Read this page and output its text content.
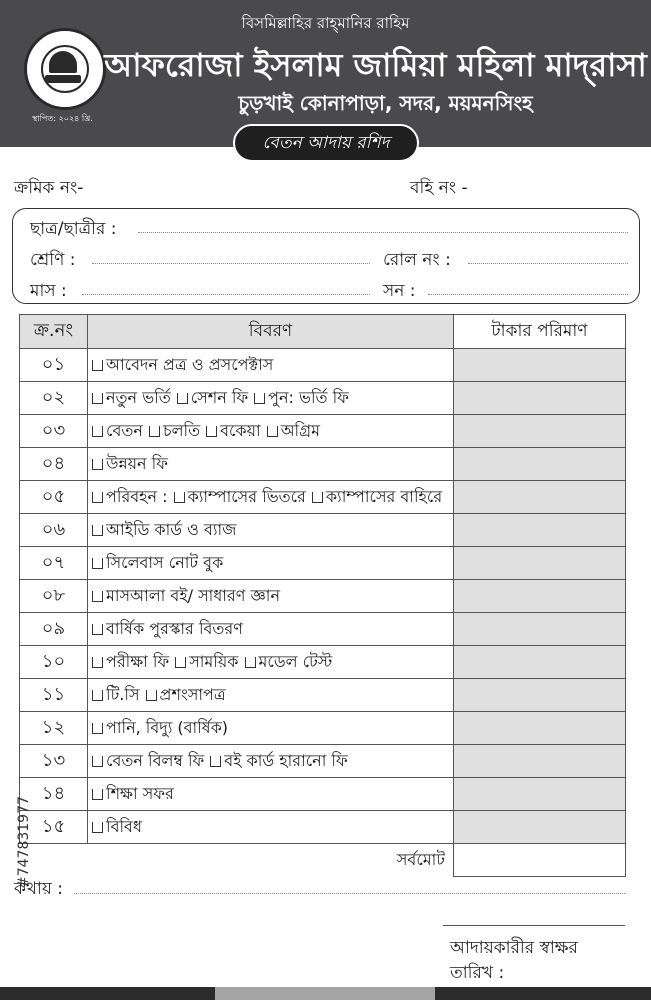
বিসমিল্লাহির রাহ্‌মানির রাহিম
স্থাপিত: ২০২৪ খ্রি.
আফরোজা ইসলাম জামিয়া মহিলা মাদ্‌রাসা
চুড়খাই কোনাপাড়া, সদর, ময়মনসিংহ
বেতন আদায় রশিদ
ক্রমিক নং-	বহি নং -
ছাত্র/ছাত্রীর :
শ্রেণি :	রোল নং :
মাস :	সন :
ক্র.নং	বিবরণ	টাকার পরিমাণ
০১	আবেদন প্রত্র ও প্রসপেক্টাস	
০২	নতুন ভর্তি সেশন ফি পুন: ভর্তি ফি	
০৩	বেতন চলতি বকেয়া অগ্রিম	
০৪	উন্নয়ন ফি	
০৫	পরিবহন : ক্যাম্পাসের ভিতরে ক্যাম্পাসের বাহিরে	
০৬	আইডি কার্ড ও ব্যাজ	
০৭	সিলেবাস নোট বুক	
০৮	মাসআলা বই/ সাধারণ জ্ঞান	
০৯	বার্ষিক পুরস্কার বিতরণ	
১০	পরীক্ষা ফি সাময়িক মডেল টেস্ট	
১১	টি.সি প্রশংসাপত্র	
১২	পানি, বিদ্যু (বার্ষিক)	
১৩	বেতন বিলম্ব ফি বই কার্ড হারানো ফি	
১৪	শিক্ষা সফর	
১৫	বিবিধ	
সর্বমোট		
কথায় :
আদায়কারীর স্বাক্ষর
তারিখ :
#747831977
